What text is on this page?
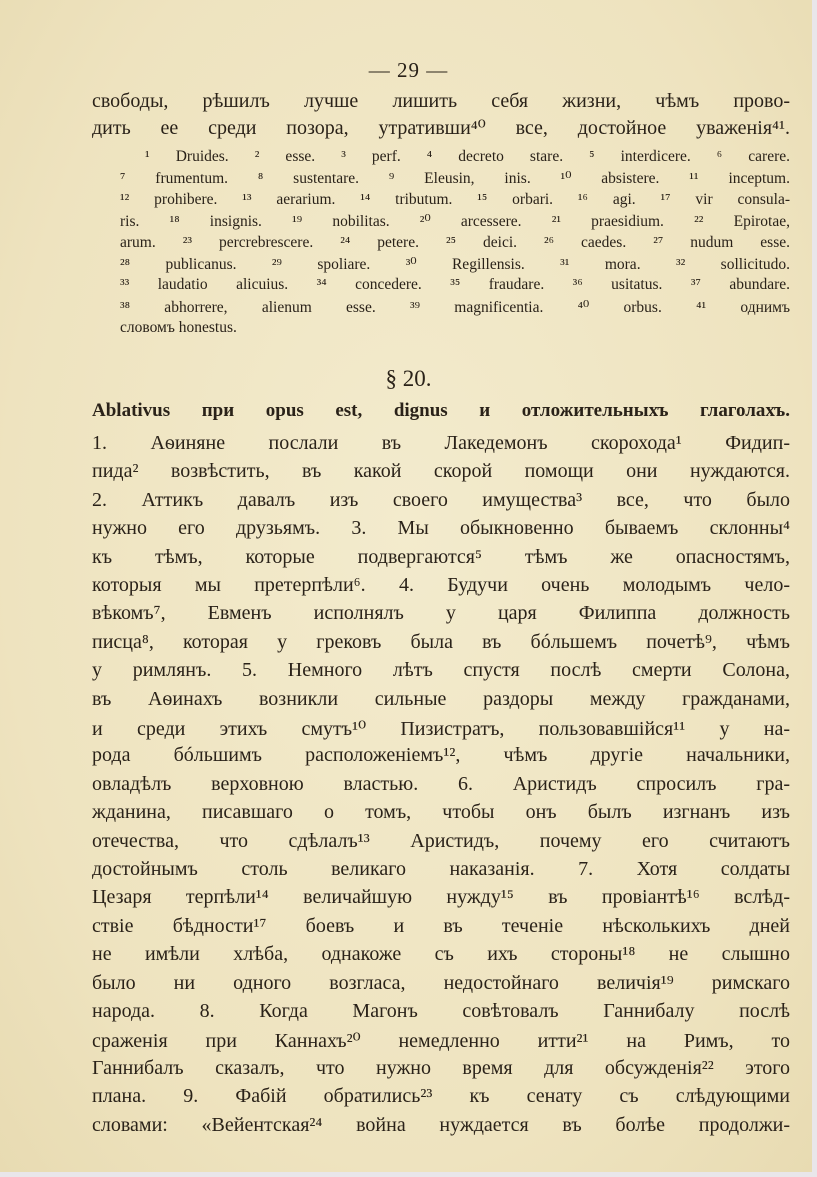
— 29 —
свободы, рѣшилъ лучше лишить себя жизни, чѣмъ прово-
дить ее среди позора, утративши⁴⁰ все, достойное уваженія⁴¹.
¹ Druides. ² esse. ³ perf. ⁴ decreto stare. ⁵ interdicere. ⁶ carere.
⁷ frumentum. ⁸ sustentare. ⁹ Eleusin, inis. ¹⁰ absistere. ¹¹ inceptum.
¹² prohibere. ¹³ aerarium. ¹⁴ tributum. ¹⁵ orbari. ¹⁶ agi. ¹⁷ vir consula-
ris. ¹⁸ insignis. ¹⁹ nobilitas. ²⁰ arcessere. ²¹ praesidium. ²² Epirotae,
arum. ²³ percrebrescere. ²⁴ petere. ²⁵ deici. ²⁶ caedes. ²⁷ nudum esse.
²⁸ publicanus. ²⁹ spoliare. ³⁰ Regillensis. ³¹ mora. ³² sollicitudo.
³³ laudatio alicuius. ³⁴ concedere. ³⁵ fraudare. ³⁶ usitatus. ³⁷ abundare.
³⁸ abhorrere, alienum esse. ³⁹ magnificentia. ⁴⁰ orbus. ⁴¹ однимъ
словомъ honestus.
§ 20.
Ablativus при opus est, dignus и отложительныхъ глаголахъ.
1. Аѳиняне послали въ Лакедемонъ скорохода¹ Фидип-
пида² возвѣстить, въ какой скорой помощи они нуждаются.
2. Аттикъ давалъ изъ своего имущества³ все, что было
нужно его друзьямъ. 3. Мы обыкновенно бываемъ склонны⁴
къ тѣмъ, которые подвергаются⁵ тѣмъ же опасностямъ,
которыя мы претерпѣли⁶. 4. Будучи очень молодымъ чело-
вѣкомъ⁷, Евменъ исполнялъ у царя Филиппа должность
писца⁸, которая у грековъ была въ бóльшемъ почетѣ⁹, чѣмъ
у римлянъ. 5. Немного лѣтъ спустя послѣ смерти Солона,
въ Аѳинахъ возникли сильные раздоры между гражданами,
и среди этихъ смутъ¹⁰ Пизистратъ, пользовавшійся¹¹ у на-
рода бóльшимъ расположеніемъ¹², чѣмъ другіе начальники,
овладѣлъ верховною властью. 6. Аристидъ спросилъ гра-
жданина, писавшаго о томъ, чтобы онъ былъ изгнанъ изъ
отечества, что сдѣлалъ¹³ Аристидъ, почему его считаютъ
достойнымъ столь великаго наказанія. 7. Хотя солдаты
Цезаря терпѣли¹⁴ величайшую нужду¹⁵ въ провіантѣ¹⁶ вслѣд-
ствіе бѣдности¹⁷ боевъ и въ теченіе нѣсколькихъ дней
не имѣли хлѣба, однакоже съ ихъ стороны¹⁸ не слышно
было ни одного возгласа, недостойнаго величія¹⁹ римскаго
народа. 8. Когда Магонъ совѣтовалъ Ганнибалу послѣ
сраженія при Каннахъ²⁰ немедленно итти²¹ на Римъ, то
Ганнибалъ сказалъ, что нужно время для обсужденія²² этого
плана. 9. Фабій обратились²³ къ сенату съ слѣдующими
словами: «Вейентская²⁴ война нуждается въ болѣе продолжи-
